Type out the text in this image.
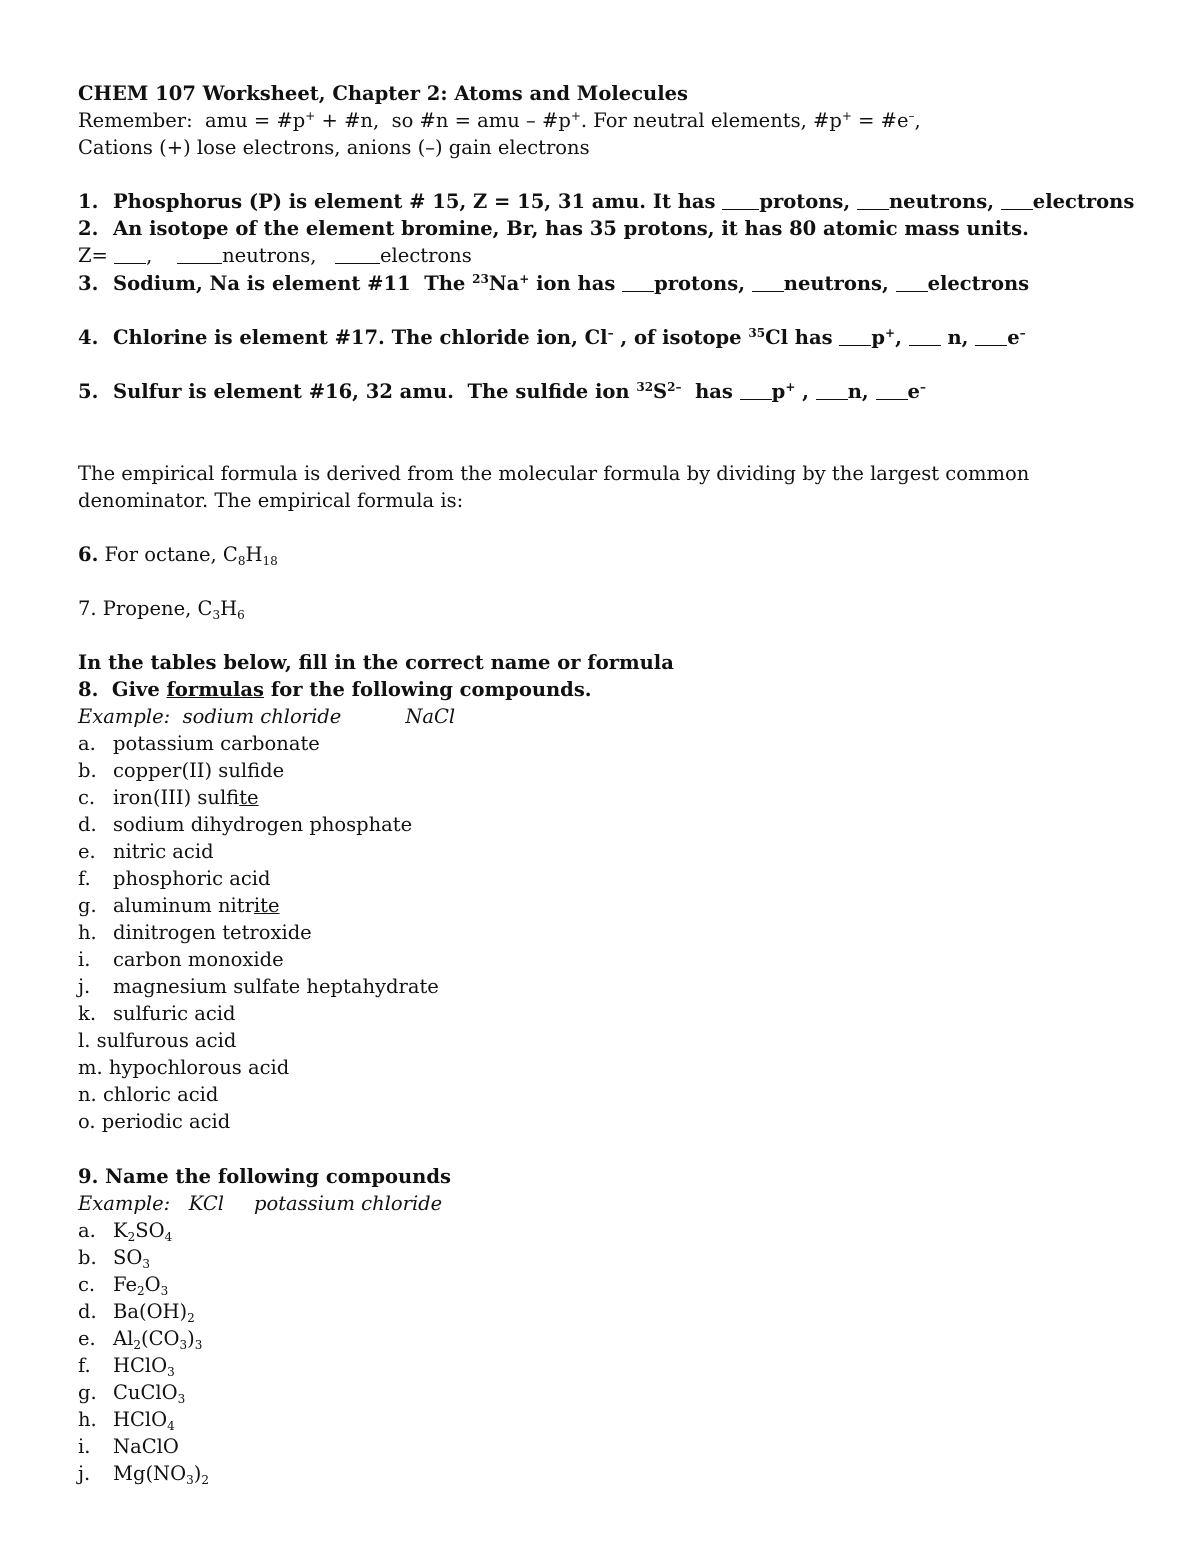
CHEM 107 Worksheet, Chapter 2: Atoms and Molecules
Remember:  amu = #p+ + #n,  so #n = amu – #p+. For neutral elements, #p+ = #e–,
Cations (+) lose electrons, anions (–) gain electrons
1. Phosphorus (P) is element # 15, Z = 15, 31 amu. It has protons, neutrons, electrons
2. An isotope of the element bromine, Br, has 35 protons, it has 80 atomic mass units.
Z= ,    neutrons,   electrons
3. Sodium, Na is element #11  The $^{23}$Na+ ion has protons, neutrons, electrons
4. Chlorine is element #17. The chloride ion, Cl– , of isotope $^{35}$Cl has p+,  n, e–
5. Sulfur is element #16, 32 amu.  The sulfide ion $^{32}S^{2-}$  has p+ , n, e–
The empirical formula is derived from the molecular formula by dividing by the largest common
denominator. The empirical formula is:
6. For octane, $C_8H_{18}$
7. Propene, $C_3H_6$
In the tables below, fill in the correct name or formula
8.  Give formulas for the following compounds.
Example:  sodium chloride	NaCl
a. potassium carbonate
b. copper(II) sulfide
c. iron(III) sulfite
d. sodium dihydrogen phosphate
e. nitric acid
f. phosphoric acid
g. aluminum nitrite
h. dinitrogen tetroxide
i. carbon monoxide
j. magnesium sulfate heptahydrate
k. sulfuric acid
l. sulfurous acid
m. hypochlorous acid
n. chloric acid
o. periodic acid
9. Name the following compounds
Example:   KCl potassium chloride
a. $K_2SO_4$
b. $SO_3$
c. $Fe_2O_3$
d. $Ba(OH)_2$
e. $Al_2(CO_3)_3$
f. HClO$_3$
g. CuClO$_3$
h. HClO$_4$
i. NaClO
j. $Mg(NO_3)_2$
